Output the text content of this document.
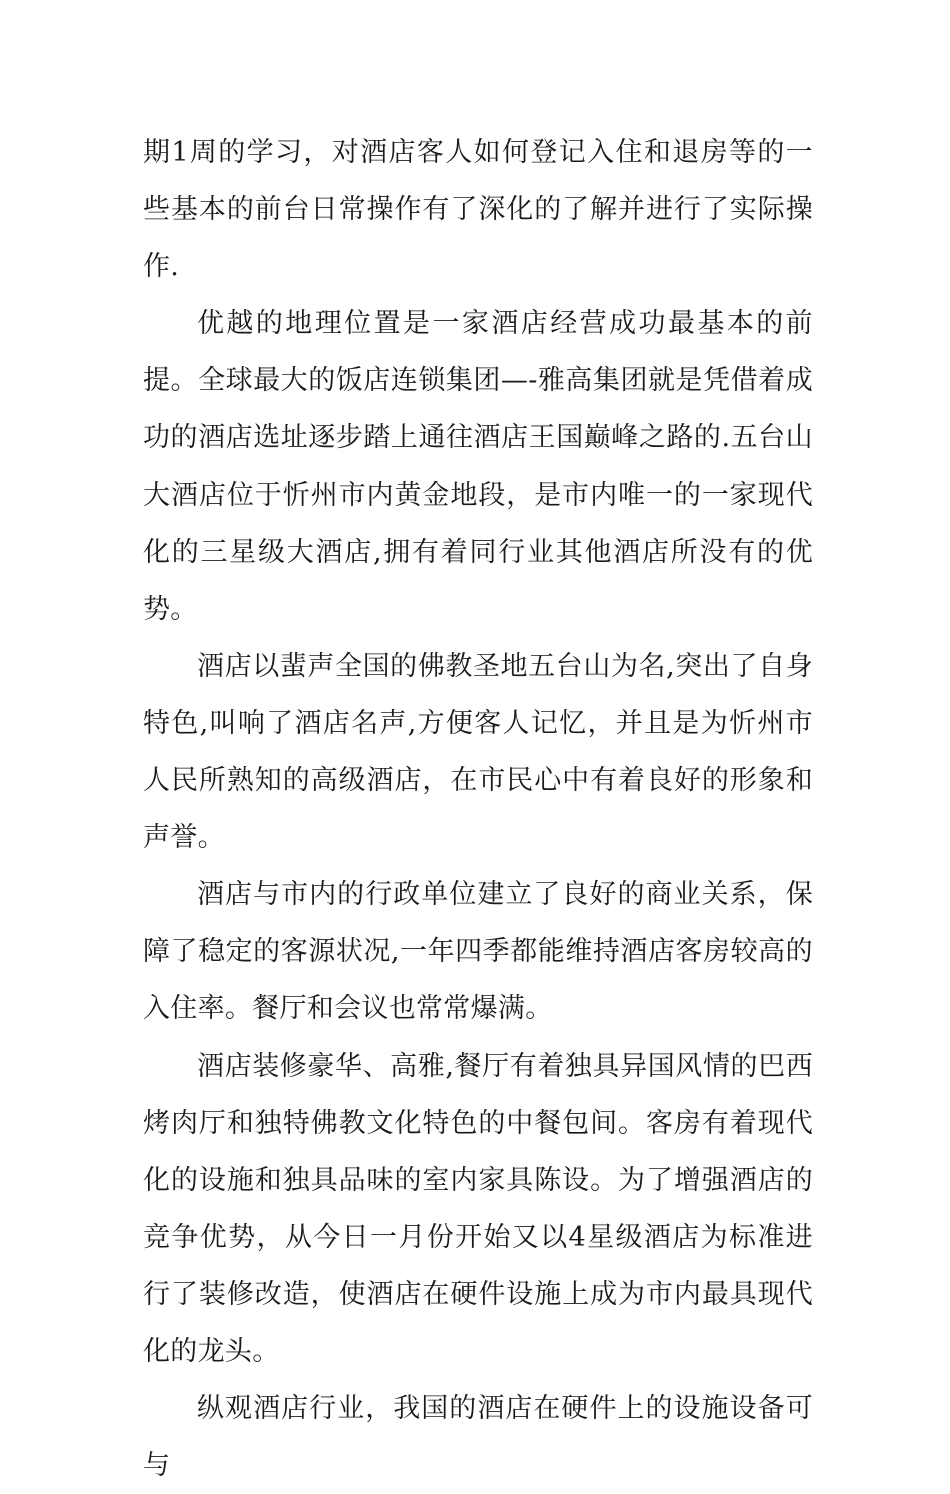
期1周的学习，对酒店客人如何登记入住和退房等的一些基本的前台日常操作有了深化的了解并进行了实际操作.

优越的地理位置是一家酒店经营成功最基本的前提。全球最大的饭店连锁集团—-雅高集团就是凭借着成功的酒店选址逐步踏上通往酒店王国巅峰之路的.五台山大酒店位于忻州市内黄金地段，是市内唯一的一家现代化的三星级大酒店,拥有着同行业其他酒店所没有的优势。

酒店以蜚声全国的佛教圣地五台山为名,突出了自身特色,叫响了酒店名声,方便客人记忆，并且是为忻州市人民所熟知的高级酒店，在市民心中有着良好的形象和声誉。

酒店与市内的行政单位建立了良好的商业关系，保障了稳定的客源状况,一年四季都能维持酒店客房较高的入住率。餐厅和会议也常常爆满。

酒店装修豪华、高雅,餐厅有着独具异国风情的巴西烤肉厅和独特佛教文化特色的中餐包间。客房有着现代化的设施和独具品味的室内家具陈设。为了增强酒店的竞争优势，从今日一月份开始又以4星级酒店为标准进行了装修改造，使酒店在硬件设施上成为市内最具现代化的龙头。

纵观酒店行业，我国的酒店在硬件上的设施设备可与
